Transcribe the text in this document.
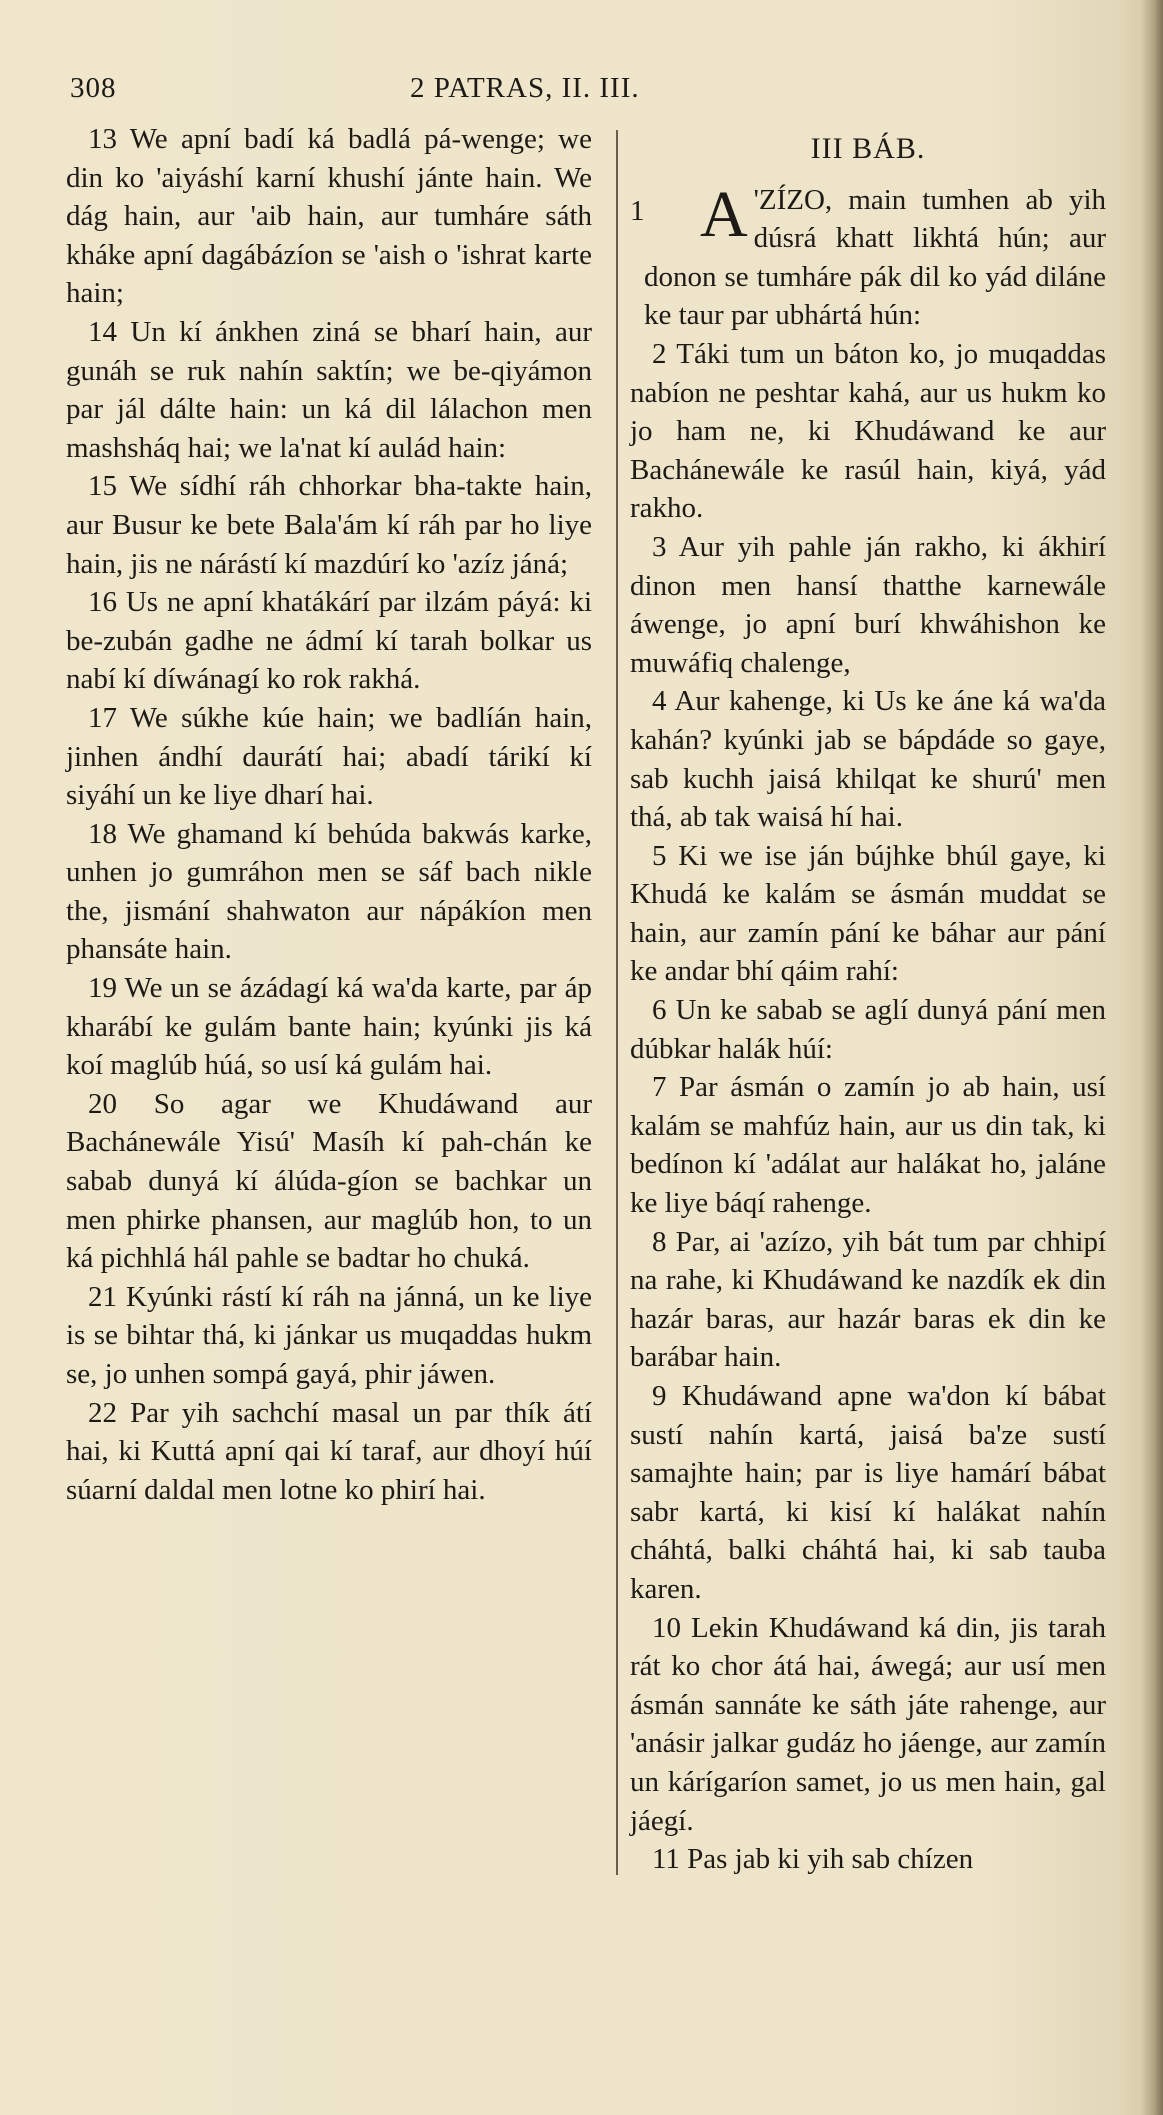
308	2 PATRAS, II. III.

13 We apní badí ká badlá pá-wenge; we din ko 'aiyáshí karní khushí jánte hain. We dág hain, aur 'aib hain, aur tumháre sáth kháke apní dagábázíon se 'aish o 'ishrat karte hain;

14 Un kí ánkhen ziná se bharí hain, aur gunáh se ruk nahín saktín; we be-qiyámon par jál dálte hain: un ká dil lálachon men mashsháq hai; we la'nat kí aulád hain:

15 We sídhí ráh chhorkar bha-takte hain, aur Busur ke bete Bala'ám kí ráh par ho liye hain, jis ne nárástí kí mazdúrí ko 'azíz jáná;

16 Us ne apní khatákárí par ilzám páyá: ki be-zubán gadhe ne ádmí kí tarah bolkar us nabí kí díwánagí ko rok rakhá.

17 We súkhe kúe hain; we badlíán hain, jinhen ándhí daurátí hai; abadí tárikí kí siyáhí un ke liye dharí hai.

18 We ghamand kí behúda bakwás karke, unhen jo gumráhon men se sáf bach nikle the, jismání shahwaton aur nápákíon men phansáte hain.

19 We un se ázádagí ká wa'da karte, par áp kharábí ke gulám bante hain; kyúnki jis ká koí maglúb húá, so usí ká gulám hai.

20 So agar we Khudáwand aur Bachánewále Yisú' Masíh kí pah-chán ke sabab dunyá kí álúda-gíon se bachkar un men phirke phansen, aur maglúb hon, to un ká pichhlá hál pahle se badtar ho chuká.

21 Kyúnki rástí kí ráh na jánná, un ke liye is se bihtar thá, ki jánkar us muqaddas hukm se, jo unhen sompá gayá, phir jáwen.

22 Par yih sachchí masal un par thík átí hai, ki Kuttá apní qai kí taraf, aur dhoyí húí súarní daldal men lotne ko phirí hai.

1

III BÁB.

A 'ZÍZO, main tumhen ab yih dúsrá khatt likhtá hún; aur donon se tumháre pák dil ko yád diláne ke taur par ubhártá hún:

2 Táki tum un báton ko, jo muqaddas nabíon ne peshtar kahá, aur us hukm ko jo ham ne, ki Khudáwand ke aur Bachánewále ke rasúl hain, kiyá, yád rakho.

3 Aur yih pahle ján rakho, ki ákhirí dinon men hansí thatthe karnewále áwenge, jo apní burí khwáhishon ke muwáfiq chalenge,

4 Aur kahenge, ki Us ke áne ká wa'da kahán? kyúnki jab se bápdáde so gaye, sab kuchh jaisá khilqat ke shurú' men thá, ab tak waisá hí hai.

5 Ki we ise ján bújhke bhúl gaye, ki Khudá ke kalám se ásmán muddat se hain, aur zamín pání ke báhar aur pání ke andar bhí qáim rahí:

6 Un ke sabab se aglí dunyá pání men dúbkar halák húí:

7 Par ásmán o zamín jo ab hain, usí kalám se mahfúz hain, aur us din tak, ki bedínon kí 'adálat aur halákat ho, jaláne ke liye báqí rahenge.

8 Par, ai 'azízo, yih bát tum par chhipí na rahe, ki Khudáwand ke nazdík ek din hazár baras, aur hazár baras ek din ke barábar hain.

9 Khudáwand apne wa'don kí bábat sustí nahín kartá, jaisá ba'ze sustí samajhte hain; par is liye hamárí bábat sabr kartá, ki kisí kí halákat nahín cháhtá, balki cháhtá hai, ki sab tauba karen.

10 Lekin Khudáwand ká din, jis tarah rát ko chor átá hai, áwegá; aur usí men ásmán sannáte ke sáth játe rahenge, aur 'anásir jalkar gudáz ho jáenge, aur zamín un kárígaríon samet, jo us men hain, gal jáegí.

11 Pas jab ki yih sab chízen
